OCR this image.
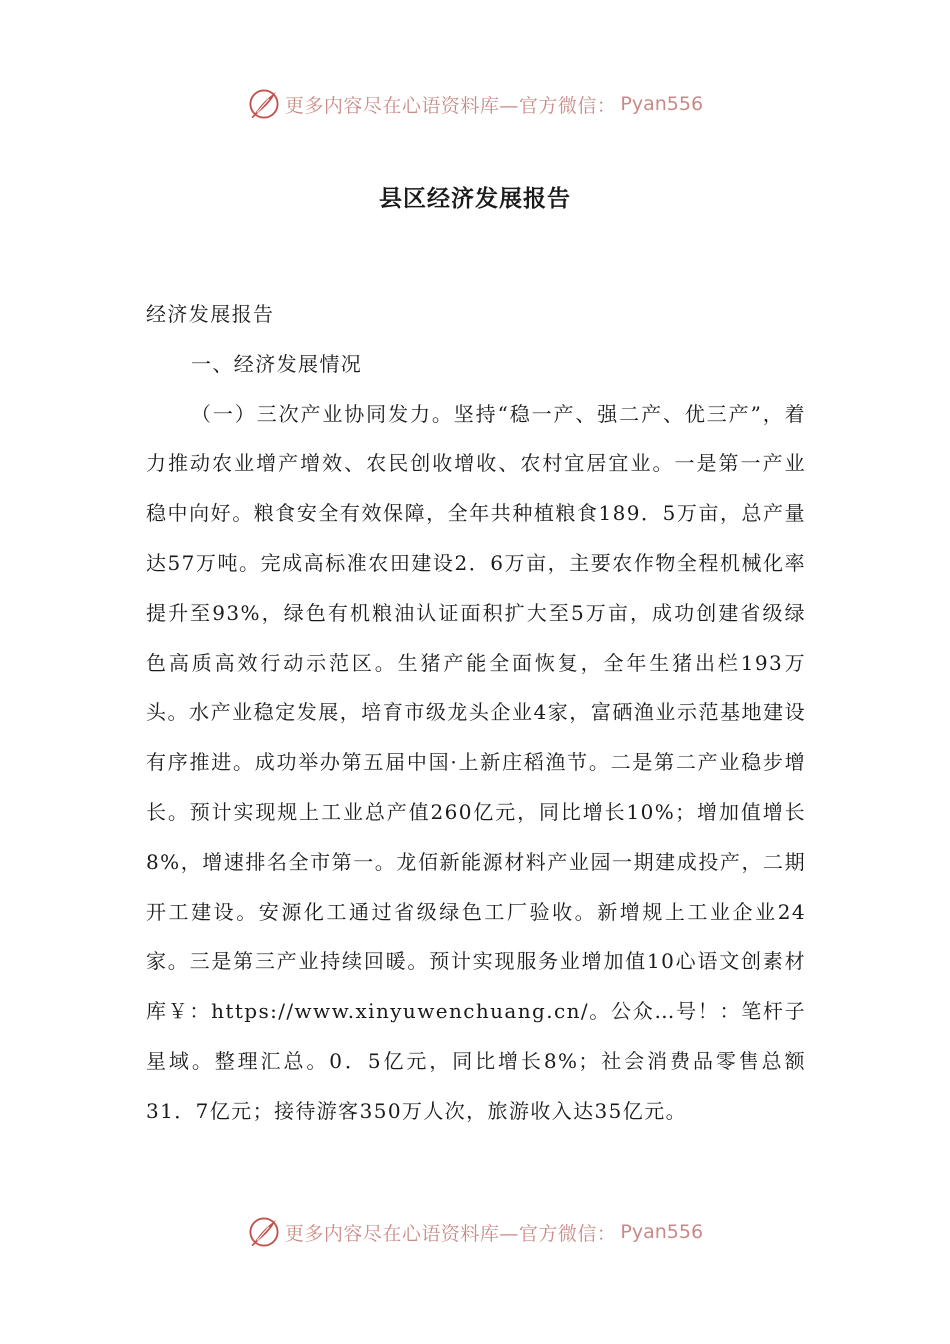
更多内容尽在心语资料库—官方微信： Pyan556
县区经济发展报告

经济发展报告

一、经济发展情况

（一）三次产业协同发力。坚持“稳一产、强二产、优三产”，着力推动农业增产增效、农民创收增收、农村宜居宜业。一是第一产业稳中向好。粮食安全有效保障，全年共种植粮食189．5万亩，总产量达57万吨。完成高标准农田建设2．6万亩，主要农作物全程机械化率提升至93%，绿色有机粮油认证面积扩大至5万亩，成功创建省级绿色高质高效行动示范区。生猪产能全面恢复，全年生猪出栏193万头。水产业稳定发展，培育市级龙头企业4家，富硒渔业示范基地建设有序推进。成功举办第五届中国·上新庄稻渔节。二是第二产业稳步增长。预计实现规上工业总产值260亿元，同比增长10%；增加值增长8%，增速排名全市第一。龙佰新能源材料产业园一期建成投产，二期开工建设。安源化工通过省级绿色工厂验收。新增规上工业企业24家。三是第三产业持续回暖。预计实现服务业增加值10心语文创素材库￥：https://www.xinyuwenchuang.cn/。公众…号！：笔杆子星域。整理汇总。0．5亿元，同比增长8%；社会消费品零售总额31．7亿元；接待游客350万人次，旅游收入达35亿元。

更多内容尽在心语资料库—官方微信： Pyan556
